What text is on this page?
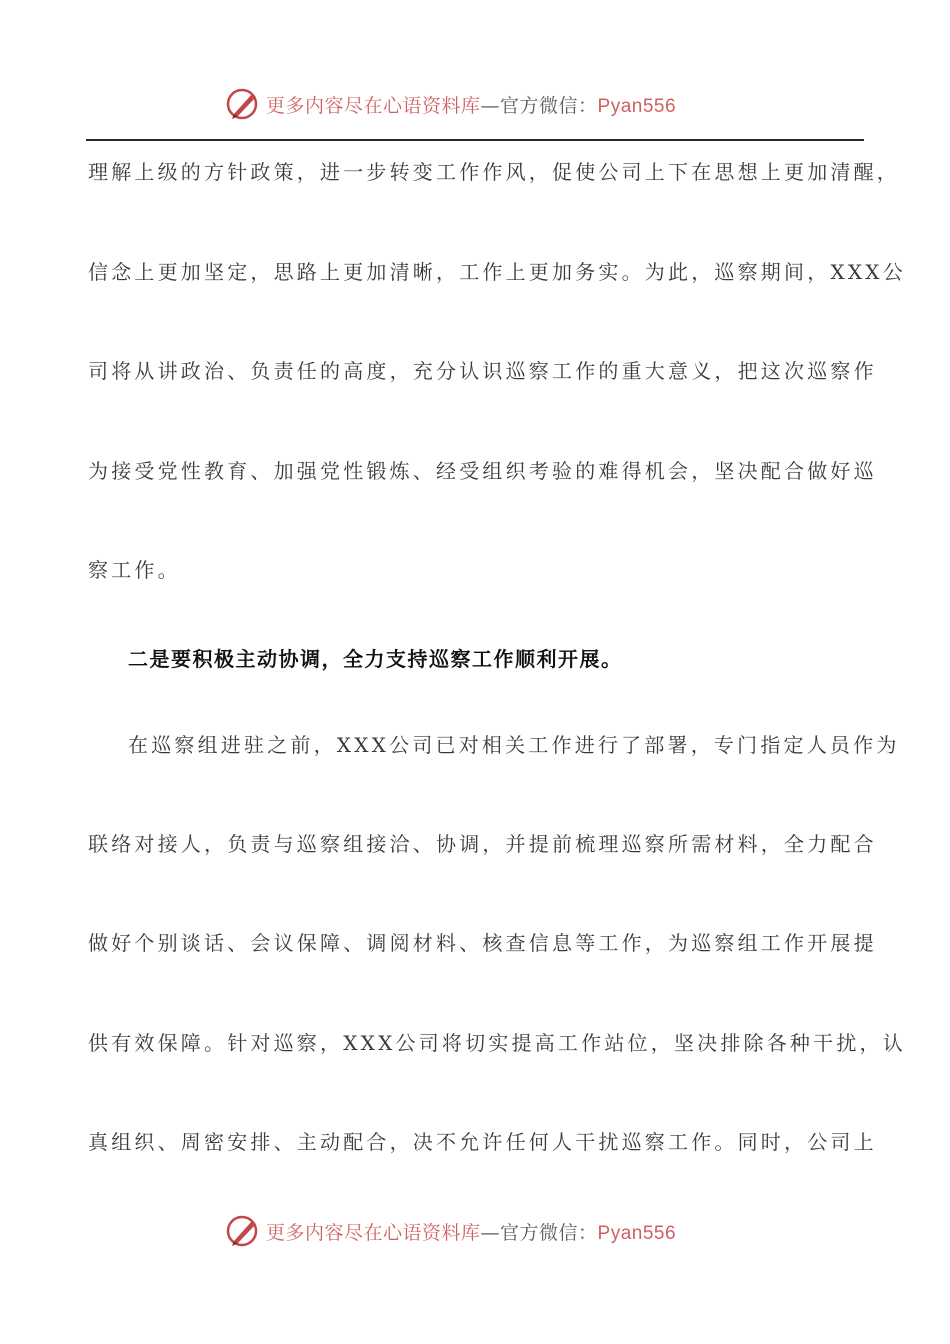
更多内容尽在心语资料库—官方微信：Pyan556
理解上级的方针政策，进一步转变工作作风，促使公司上下在思想上更加清醒，
信念上更加坚定，思路上更加清晰，工作上更加务实。为此，巡察期间，XXX公
司将从讲政治、负责任的高度，充分认识巡察工作的重大意义，把这次巡察作
为接受党性教育、加强党性锻炼、经受组织考验的难得机会，坚决配合做好巡
察工作。
二是要积极主动协调，全力支持巡察工作顺利开展。
在巡察组进驻之前，XXX公司已对相关工作进行了部署，专门指定人员作为
联络对接人，负责与巡察组接洽、协调，并提前梳理巡察所需材料，全力配合
做好个别谈话、会议保障、调阅材料、核查信息等工作，为巡察组工作开展提
供有效保障。针对巡察，XXX公司将切实提高工作站位，坚决排除各种干扰，认
真组织、周密安排、主动配合，决不允许任何人干扰巡察工作。同时，公司上
更多内容尽在心语资料库—官方微信：Pyan556
